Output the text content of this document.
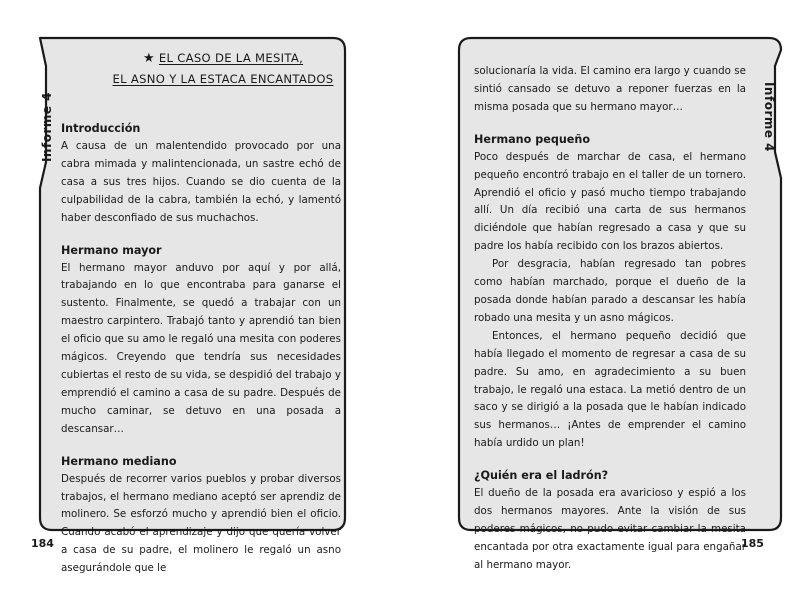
Informe 4
★ EL CASO DE LA MESITA,
EL ASNO Y LA ESTACA ENCANTADOS
Introducción

A causa de un malentendido provocado por una cabra mimada y malintencionada, un sastre echó de casa a sus tres hijos. Cuando se dio cuenta de la culpabilidad de la cabra, también la echó, y lamentó haber desconfiado de sus muchachos.

Hermano mayor

El hermano mayor anduvo por aquí y por allá, trabajando en lo que encontraba para ganarse el sustento. Finalmente, se quedó a trabajar con un maestro carpintero. Trabajó tanto y aprendió tan bien el oficio que su amo le regaló una mesita con poderes mágicos. Creyendo que tendría sus necesidades cubiertas el resto de su vida, se despidió del trabajo y emprendió el camino a casa de su padre. Después de mucho caminar, se detuvo en una posada a descansar…

Hermano mediano

Después de recorrer varios pueblos y probar diversos trabajos, el hermano mediano aceptó ser aprendiz de molinero. Se esforzó mucho y aprendió bien el oficio. Cuando acabó el aprendizaje y dijo que quería volver a casa de su padre, el molinero le regaló un asno asegurándole que le

Informe 4

solucionaría la vida. El camino era largo y cuando se sintió cansado se detuvo a reponer fuerzas en la misma posada que su hermano mayor…

Hermano pequeño

Poco después de marchar de casa, el hermano pequeño encontró trabajo en el taller de un tornero. Aprendió el oficio y pasó mucho tiempo trabajando allí. Un día recibió una carta de sus hermanos diciéndole que habían regresado a casa y que su padre los había recibido con los brazos abiertos.

Por desgracia, habían regresado tan pobres como habían marchado, porque el dueño de la posada donde habían parado a descansar les había robado una mesita y un asno mágicos.

Entonces, el hermano pequeño decidió que había llegado el momento de regresar a casa de su padre. Su amo, en agradecimiento a su buen trabajo, le regaló una estaca. La metió dentro de un saco y se dirigió a la posada que le habían indicado sus hermanos… ¡Antes de emprender el camino había urdido un plan!

¿Quién era el ladrón?

El dueño de la posada era avaricioso y espió a los dos hermanos mayores. Ante la visión de sus poderes mágicos, no pudo evitar cambiar la mesita encantada por otra exactamente igual para engañar al hermano mayor.

184	185
